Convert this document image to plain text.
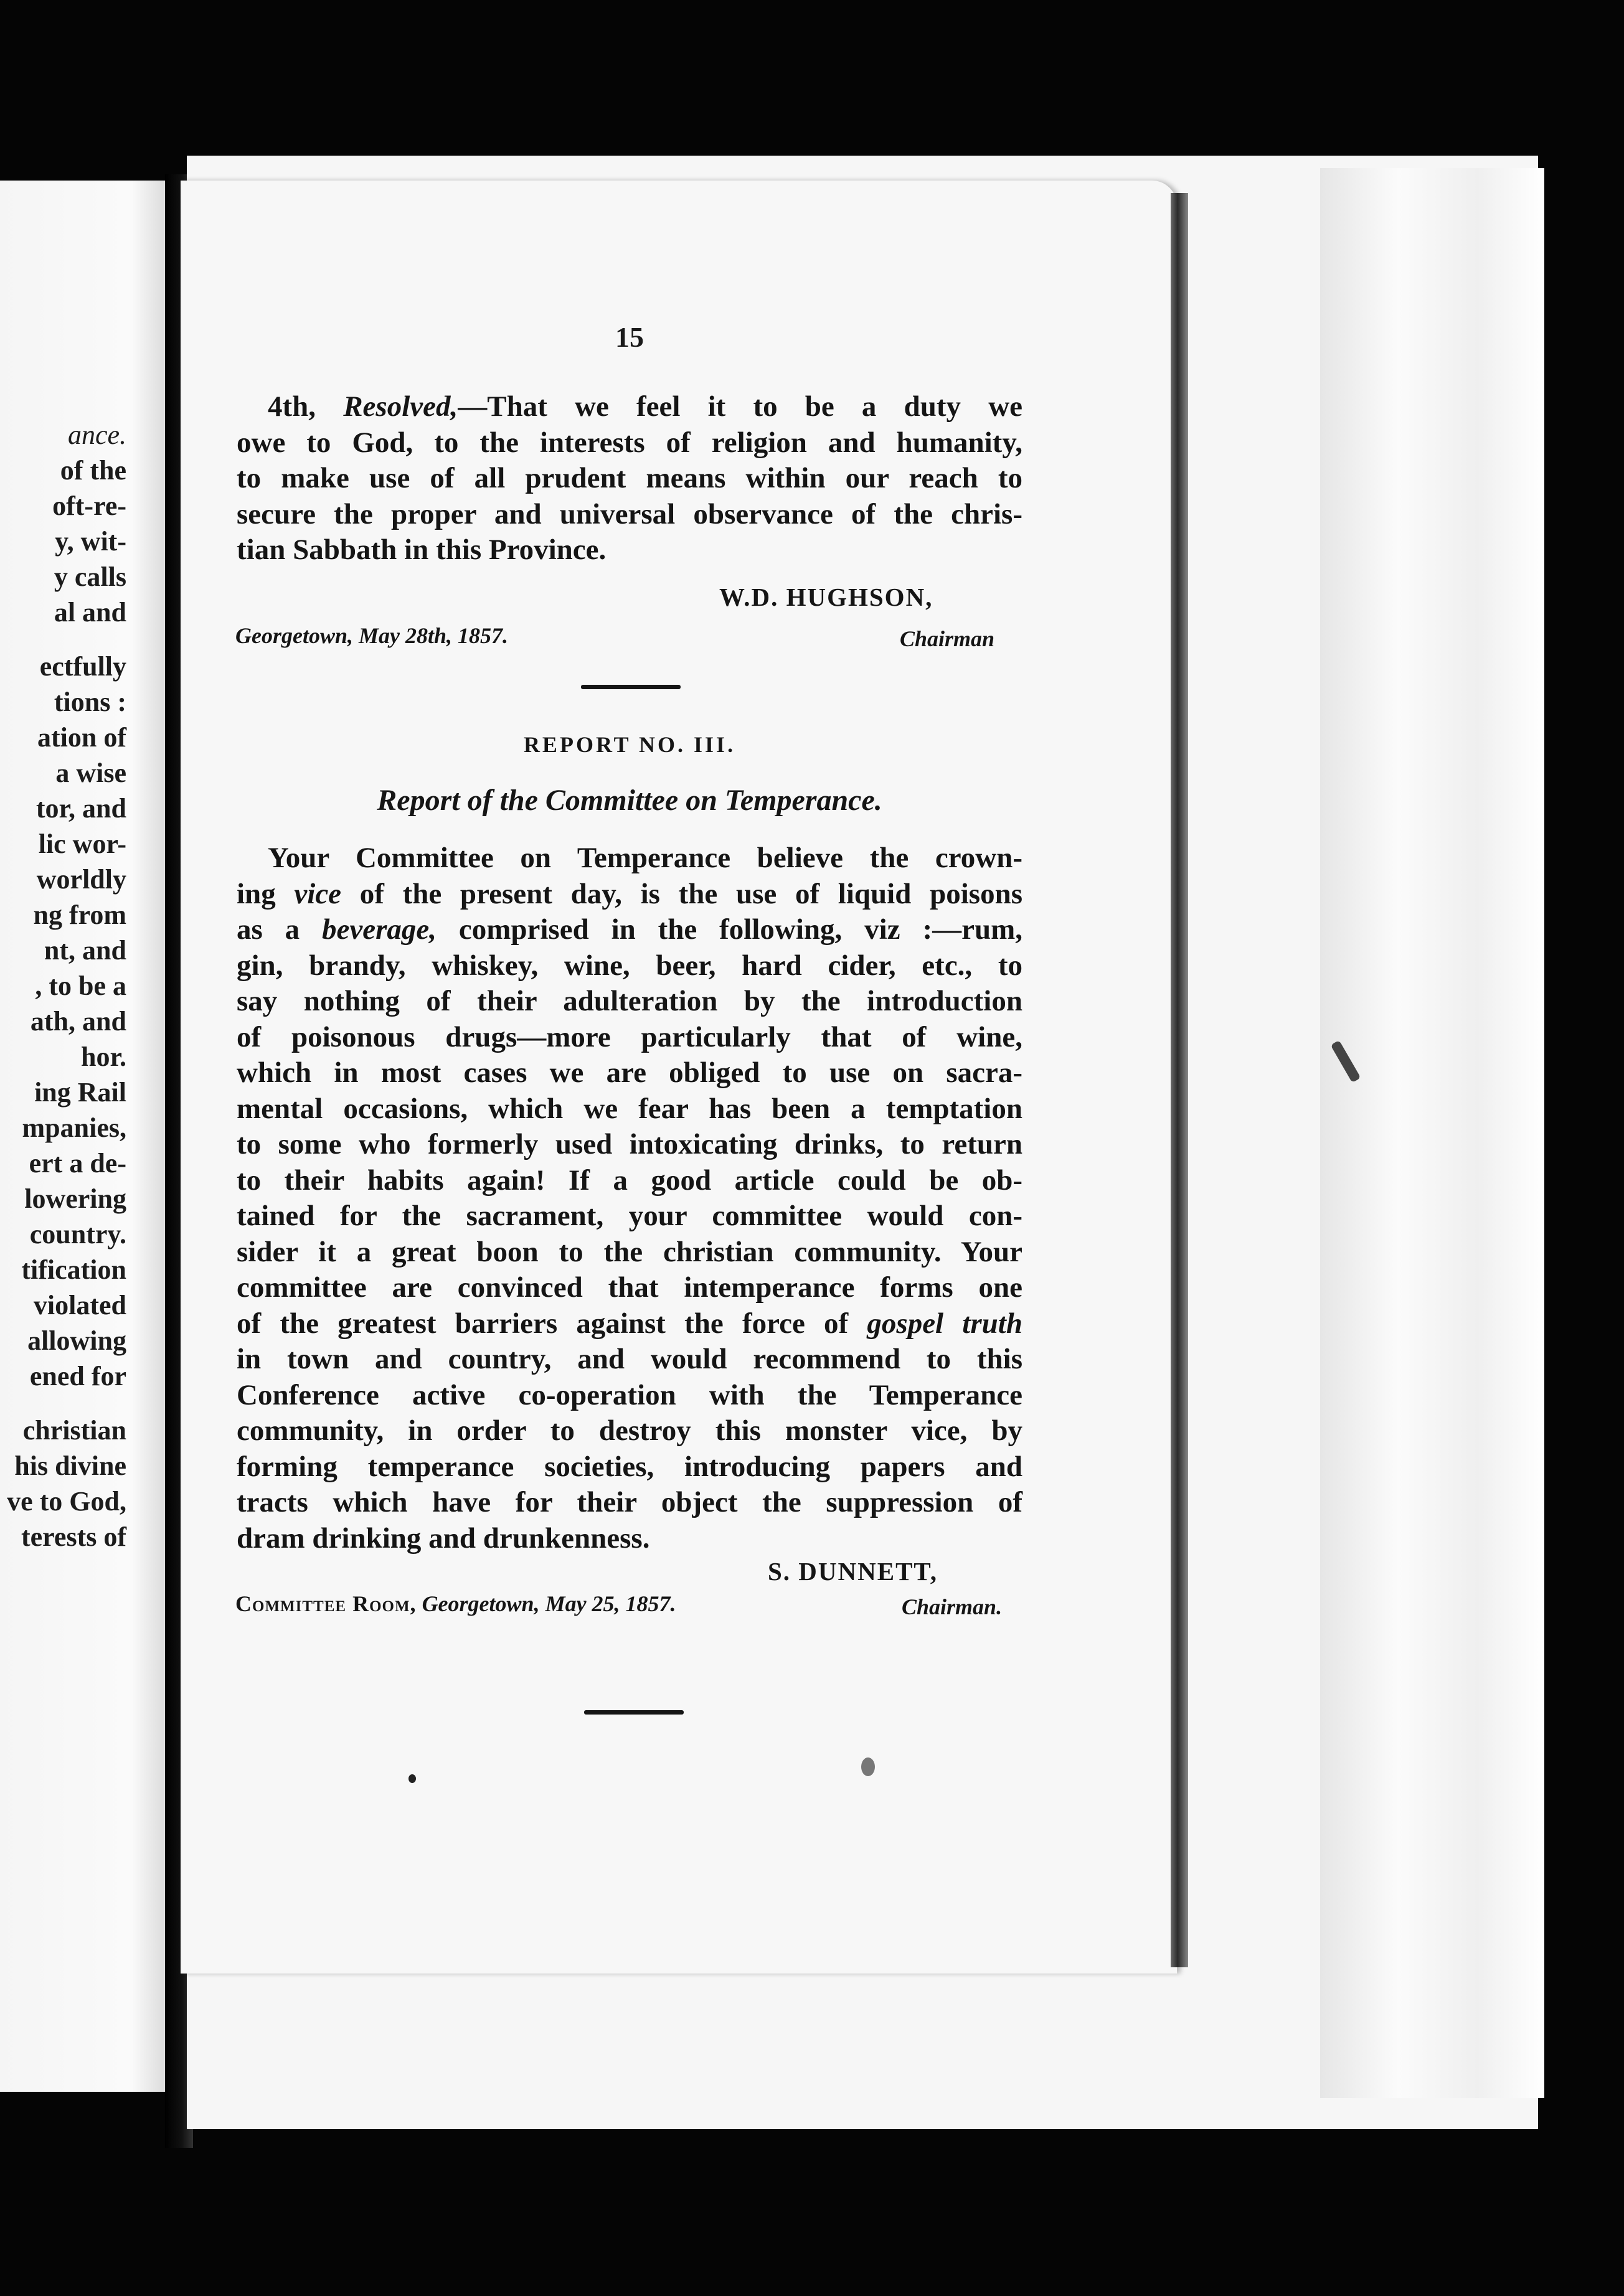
ance.
of the
oft-re-
y, wit-
y calls
al and
ectfully
tions :
ation of
a wise
tor, and
lic wor-
worldly
ng from
nt, and
, to be a
ath, and
hor.
ing Rail
mpanies,
ert a de-
lowering
country.
tification
violated
allowing
ened for
christian
his divine
ve to God,
terests of
15
4th, Resolved,—That we feel it to be a duty we
owe to God, to the interests of religion and humanity,
to make use of all prudent means within our reach to
secure the proper and universal observance of the chris-
tian Sabbath in this Province.
W.D. HUGHSON,
Georgetown, May 28th, 1857.	Chairman
REPORT NO. III.
Report of the Committee on Temperance.
Your Committee on Temperance believe the crown-
ing vice of the present day, is the use of liquid poisons
as a beverage, comprised in the following, viz :—rum,
gin, brandy, whiskey, wine, beer, hard cider, etc., to
say nothing of their adulteration by the introduction
of poisonous drugs—more particularly that of wine,
which in most cases we are obliged to use on sacra-
mental occasions, which we fear has been a temptation
to some who formerly used intoxicating drinks, to return
to their habits again! If a good article could be ob-
tained for the sacrament, your committee would con-
sider it a great boon to the christian community. Your
committee are convinced that intemperance forms one
of the greatest barriers against the force of gospel truth
in town and country, and would recommend to this
Conference active co-operation with the Temperance
community, in order to destroy this monster vice, by
forming temperance societies, introducing papers and
tracts which have for their object the suppression of
dram drinking and drunkenness.
S. DUNNETT,
Committee Room, Georgetown, May 25, 1857.	Chairman.
